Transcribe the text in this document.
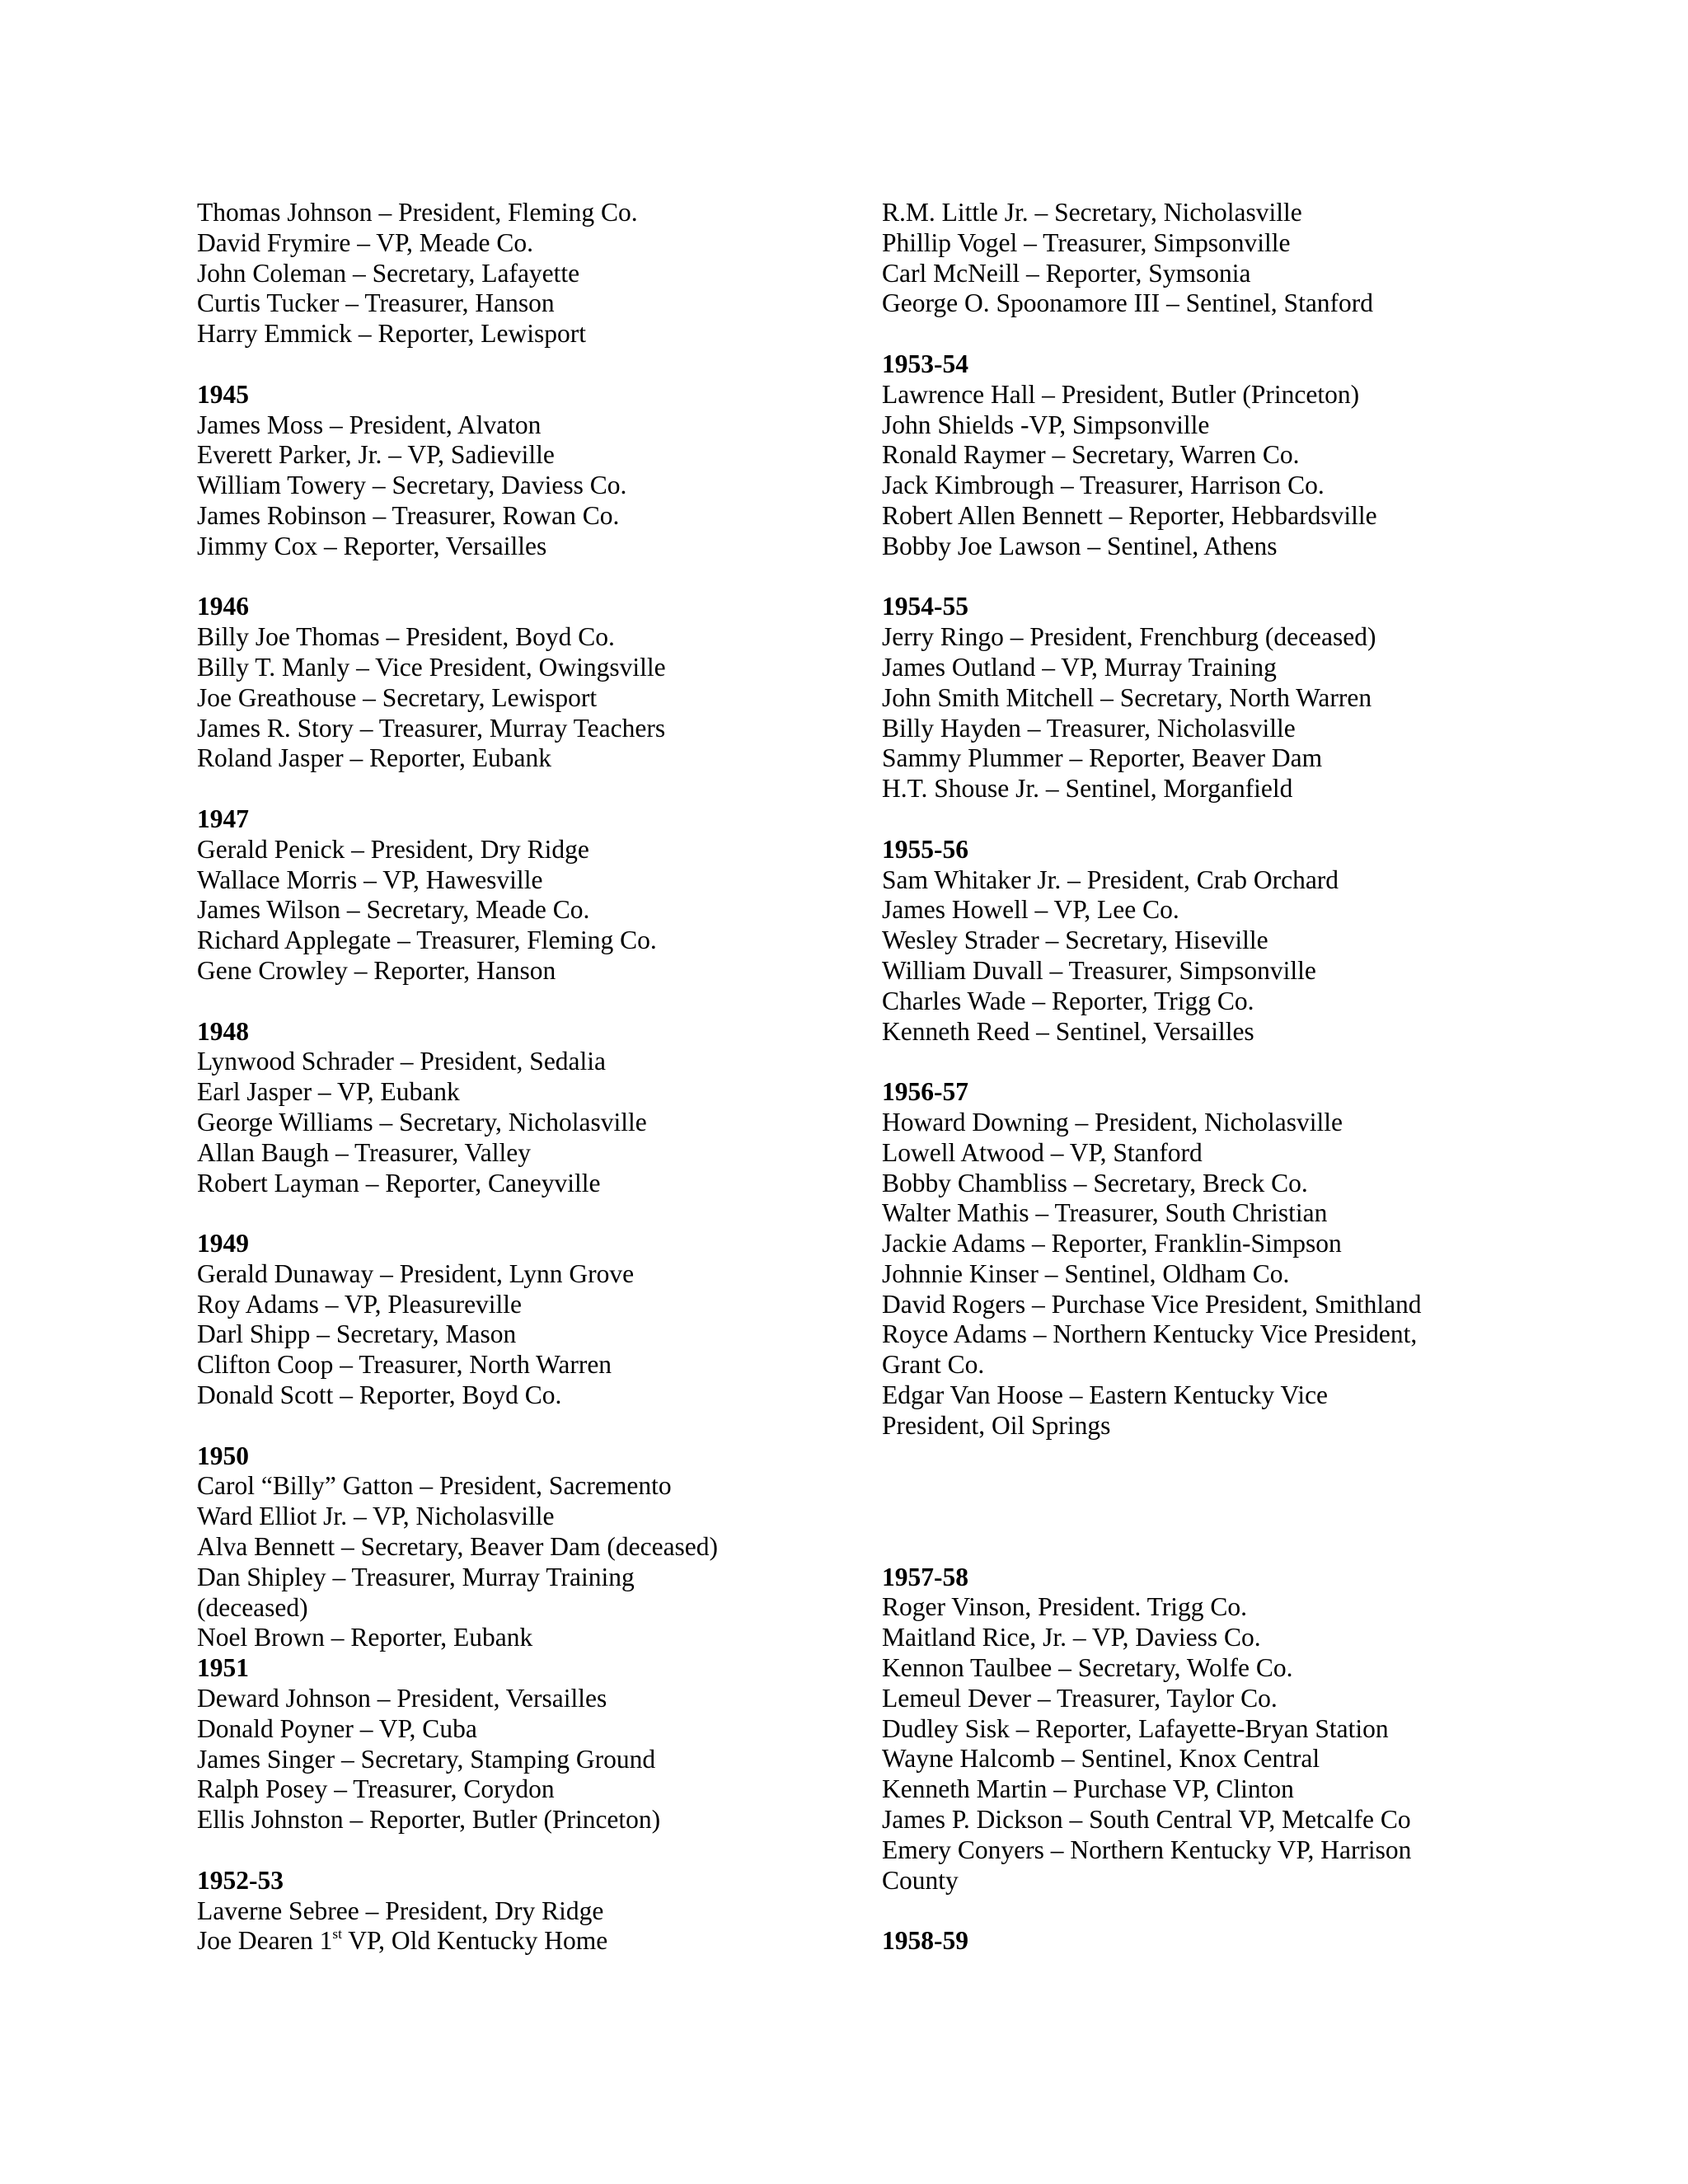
Thomas Johnson – President, Fleming Co.
David Frymire – VP, Meade Co.
John Coleman – Secretary, Lafayette
Curtis Tucker – Treasurer, Hanson
Harry Emmick – Reporter, Lewisport
1945
James Moss – President, Alvaton
Everett Parker, Jr. – VP, Sadieville
William Towery – Secretary, Daviess Co.
James Robinson – Treasurer, Rowan Co.
Jimmy Cox – Reporter, Versailles
1946
Billy Joe Thomas – President, Boyd Co.
Billy T. Manly – Vice President, Owingsville
Joe Greathouse – Secretary, Lewisport
James R. Story – Treasurer, Murray Teachers
Roland Jasper – Reporter, Eubank
1947
Gerald Penick – President, Dry Ridge
Wallace Morris – VP, Hawesville
James Wilson – Secretary, Meade Co.
Richard Applegate – Treasurer, Fleming Co.
Gene Crowley – Reporter, Hanson
1948
Lynwood Schrader – President, Sedalia
Earl Jasper – VP, Eubank
George Williams – Secretary, Nicholasville
Allan Baugh – Treasurer, Valley
Robert Layman – Reporter, Caneyville
1949
Gerald Dunaway – President, Lynn Grove
Roy Adams – VP, Pleasureville
Darl Shipp – Secretary, Mason
Clifton Coop – Treasurer, North Warren
Donald Scott – Reporter, Boyd Co.
1950
Carol “Billy” Gatton – President, Sacremento
Ward Elliot Jr. – VP, Nicholasville
Alva Bennett – Secretary, Beaver Dam (deceased)
Dan Shipley – Treasurer, Murray Training
(deceased)
Noel Brown – Reporter, Eubank
1951
Deward Johnson – President, Versailles
Donald Poyner – VP, Cuba
James Singer – Secretary, Stamping Ground
Ralph Posey – Treasurer, Corydon
Ellis Johnston – Reporter, Butler (Princeton)
1952-53
Laverne Sebree – President, Dry Ridge
Joe Dearen 1st VP, Old Kentucky Home
R.M. Little Jr. – Secretary, Nicholasville
Phillip Vogel – Treasurer, Simpsonville
Carl McNeill – Reporter, Symsonia
George O. Spoonamore III – Sentinel, Stanford
1953-54
Lawrence Hall – President, Butler (Princeton)
John Shields -VP, Simpsonville
Ronald Raymer – Secretary, Warren Co.
Jack Kimbrough – Treasurer, Harrison Co.
Robert Allen Bennett – Reporter, Hebbardsville
Bobby Joe Lawson – Sentinel, Athens
1954-55
Jerry Ringo – President, Frenchburg (deceased)
James Outland – VP, Murray Training
John Smith Mitchell – Secretary, North Warren
Billy Hayden – Treasurer, Nicholasville
Sammy Plummer – Reporter, Beaver Dam
H.T. Shouse Jr. – Sentinel, Morganfield
1955-56
Sam Whitaker Jr. – President, Crab Orchard
James Howell – VP, Lee Co.
Wesley Strader – Secretary, Hiseville
William Duvall – Treasurer, Simpsonville
Charles Wade – Reporter, Trigg Co.
Kenneth Reed – Sentinel, Versailles
1956-57
Howard Downing – President, Nicholasville
Lowell Atwood – VP, Stanford
Bobby Chambliss – Secretary, Breck Co.
Walter Mathis – Treasurer, South Christian
Jackie Adams – Reporter, Franklin-Simpson
Johnnie Kinser – Sentinel, Oldham Co.
David Rogers – Purchase Vice President, Smithland
Royce Adams – Northern Kentucky Vice President,
Grant Co.
Edgar Van Hoose – Eastern Kentucky Vice
President, Oil Springs
1957-58
Roger Vinson, President. Trigg Co.
Maitland Rice, Jr. – VP, Daviess Co.
Kennon Taulbee – Secretary, Wolfe Co.
Lemeul Dever – Treasurer, Taylor Co.
Dudley Sisk – Reporter, Lafayette-Bryan Station
Wayne Halcomb – Sentinel, Knox Central
Kenneth Martin – Purchase VP, Clinton
James P. Dickson – South Central VP, Metcalfe Co
Emery Conyers – Northern Kentucky VP, Harrison
County
1958-59
